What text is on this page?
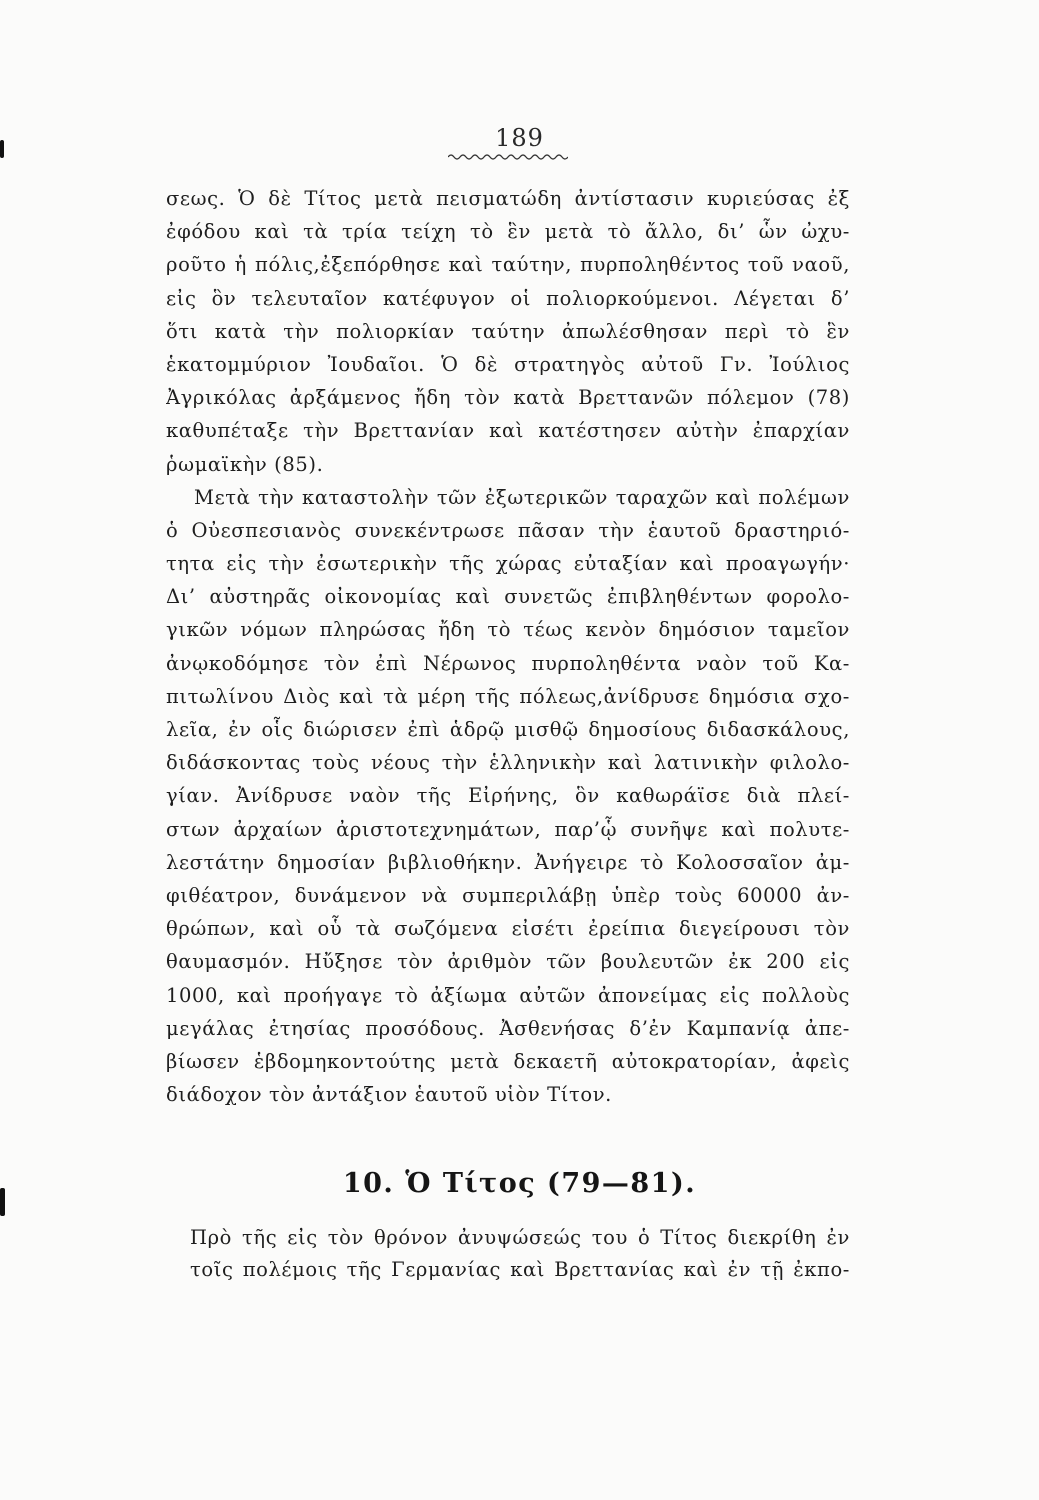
189
σεως. Ὁ δὲ Τίτος μετὰ πεισματώδη ἀντίστασιν κυριεύσας ἐξ
ἐφόδου καὶ τὰ τρία τείχη τὸ ἓν μετὰ τὸ ἄλλο, δι’ ὧν ὠχυ-
ροῦτο ἡ πόλις,ἐξεπόρθησε καὶ ταύτην, πυρποληθέντος τοῦ ναοῦ,
εἰς ὃν τελευταῖον κατέφυγον οἱ πολιορκούμενοι. Λέγεται δ’
ὅτι κατὰ τὴν πολιορκίαν ταύτην ἀπωλέσθησαν περὶ τὸ ἓν
ἑκατομμύριον Ἰουδαῖοι. Ὁ δὲ στρατηγὸς αὐτοῦ Γν. Ἰούλιος
Ἀγρικόλας ἀρξάμενος ἤδη τὸν κατὰ Βρεττανῶν πόλεμον (78)
καθυπέταξε τὴν Βρεττανίαν καὶ κατέστησεν αὐτὴν ἐπαρχίαν
ῥωμαϊκὴν (85).
Μετὰ τὴν καταστολὴν τῶν ἐξωτερικῶν ταραχῶν καὶ πολέμων
ὁ Οὐεσπεσιανὸς συνεκέντρωσε πᾶσαν τὴν ἑαυτοῦ δραστηριό-
τητα εἰς τὴν ἐσωτερικὴν τῆς χώρας εὐταξίαν καὶ προαγωγήν·
Δι’ αὐστηρᾶς οἰκονομίας καὶ συνετῶς ἐπιβληθέντων φορολο-
γικῶν νόμων πληρώσας ἤδη τὸ τέως κενὸν δημόσιον ταμεῖον
ἀνῳκοδόμησε τὸν ἐπὶ Νέρωνος πυρποληθέντα ναὸν τοῦ Κα-
πιτωλίνου Διὸς καὶ τὰ μέρη τῆς πόλεως,ἀνίδρυσε δημόσια σχο-
λεῖα, ἐν οἷς διώρισεν ἐπὶ ἁδρῷ μισθῷ δημοσίους διδασκάλους,
διδάσκοντας τοὺς νέους τὴν ἑλληνικὴν καὶ λατινικὴν φιλολο-
γίαν. Ἀνίδρυσε ναὸν τῆς Εἰρήνης, ὃν καθωράϊσε διὰ πλεί-
στων ἀρχαίων ἀριστοτεχνημάτων, παρ’ᾧ συνῆψε καὶ πολυτε-
λεστάτην δημοσίαν βιβλιοθήκην. Ἀνήγειρε τὸ Κολοσσαῖον ἀμ-
φιθέατρον, δυνάμενον νὰ συμπεριλάβῃ ὑπὲρ τοὺς 60000 ἀν-
θρώπων, καὶ οὗ τὰ σωζόμενα εἰσέτι ἐρείπια διεγείρουσι τὸν
θαυμασμόν. Ηὔξησε τὸν ἀριθμὸν τῶν βουλευτῶν ἐκ 200 εἰς
1000, καὶ προήγαγε τὸ ἀξίωμα αὐτῶν ἀπονείμας εἰς πολλοὺς
μεγάλας ἐτησίας προσόδους. Ἀσθενήσας δ’ἐν Καμπανίᾳ ἀπε-
βίωσεν ἑβδομηκοντούτης μετὰ δεκαετῆ αὐτοκρατορίαν, ἀφεὶς
διάδοχον τὸν ἀντάξιον ἑαυτοῦ υἱὸν Τίτον.
10. Ὁ Τίτος (79—81).
Πρὸ τῆς εἰς τὸν θρόνον ἀνυψώσεώς του ὁ Τίτος διεκρίθη ἐν
τοῖς πολέμοις τῆς Γερμανίας καὶ Βρεττανίας καὶ ἐν τῇ ἐκπο-
